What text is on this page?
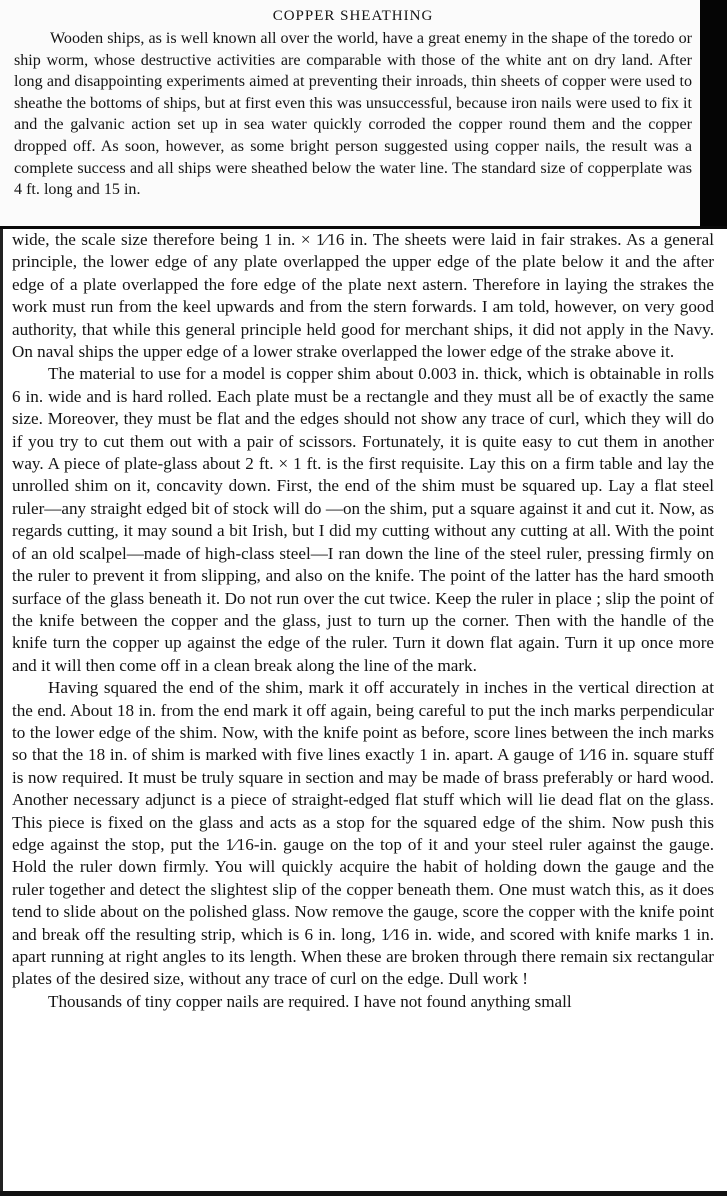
COPPER SHEATHING

Wooden ships, as is well known all over the world, have a great enemy in the shape of the toredo or ship worm, whose destructive activities are comparable with those of the white ant on dry land. After long and disappointing experiments aimed at preventing their inroads, thin sheets of copper were used to sheathe the bottoms of ships, but at first even this was unsuccessful, because iron nails were used to fix it and the galvanic action set up in sea water quickly corroded the copper round them and the copper dropped off. As soon, however, as some bright person suggested using copper nails, the result was a complete success and all ships were sheathed below the water line. The standard size of copperplate was 4 ft. long and 15 in.

wide, the scale size therefore being 1 in. × 1⁄16 in. The sheets were laid in fair strakes. As a general principle, the lower edge of any plate overlapped the upper edge of the plate below it and the after edge of a plate overlapped the fore edge of the plate next astern. Therefore in laying the strakes the work must run from the keel upwards and from the stern forwards. I am told, however, on very good authority, that while this general principle held good for merchant ships, it did not apply in the Navy. On naval ships the upper edge of a lower strake overlapped the lower edge of the strake above it.

The material to use for a model is copper shim about 0.003 in. thick, which is obtainable in rolls 6 in. wide and is hard rolled. Each plate must be a rectangle and they must all be of exactly the same size. Moreover, they must be flat and the edges should not show any trace of curl, which they will do if you try to cut them out with a pair of scissors. Fortunately, it is quite easy to cut them in another way. A piece of plate-glass about 2 ft. × 1 ft. is the first requisite. Lay this on a firm table and lay the unrolled shim on it, concavity down. First, the end of the shim must be squared up. Lay a flat steel ruler—any straight edged bit of stock will do —on the shim, put a square against it and cut it. Now, as regards cutting, it may sound a bit Irish, but I did my cutting without any cutting at all. With the point of an old scalpel—made of high-class steel—I ran down the line of the steel ruler, pressing firmly on the ruler to prevent it from slipping, and also on the knife. The point of the latter has the hard smooth surface of the glass beneath it. Do not run over the cut twice. Keep the ruler in place ; slip the point of the knife between the copper and the glass, just to turn up the corner. Then with the handle of the knife turn the copper up against the edge of the ruler. Turn it down flat again. Turn it up once more and it will then come off in a clean break along the line of the mark.

Having squared the end of the shim, mark it off accurately in inches in the vertical direction at the end. About 18 in. from the end mark it off again, being careful to put the inch marks perpendicular to the lower edge of the shim. Now, with the knife point as before, score lines between the inch marks so that the 18 in. of shim is marked with five lines exactly 1 in. apart. A gauge of 1⁄16 in. square stuff is now required. It must be truly square in section and may be made of brass preferably or hard wood. Another necessary adjunct is a piece of straight-edged flat stuff which will lie dead flat on the glass. This piece is fixed on the glass and acts as a stop for the squared edge of the shim. Now push this edge against the stop, put the 1⁄16-in. gauge on the top of it and your steel ruler against the gauge. Hold the ruler down firmly. You will quickly acquire the habit of holding down the gauge and the ruler together and detect the slightest slip of the copper beneath them. One must watch this, as it does tend to slide about on the polished glass. Now remove the gauge, score the copper with the knife point and break off the resulting strip, which is 6 in. long, 1⁄16 in. wide, and scored with knife marks 1 in. apart running at right angles to its length. When these are broken through there remain six rectangular plates of the desired size, without any trace of curl on the edge. Dull work !

Thousands of tiny copper nails are required. I have not found anything small
